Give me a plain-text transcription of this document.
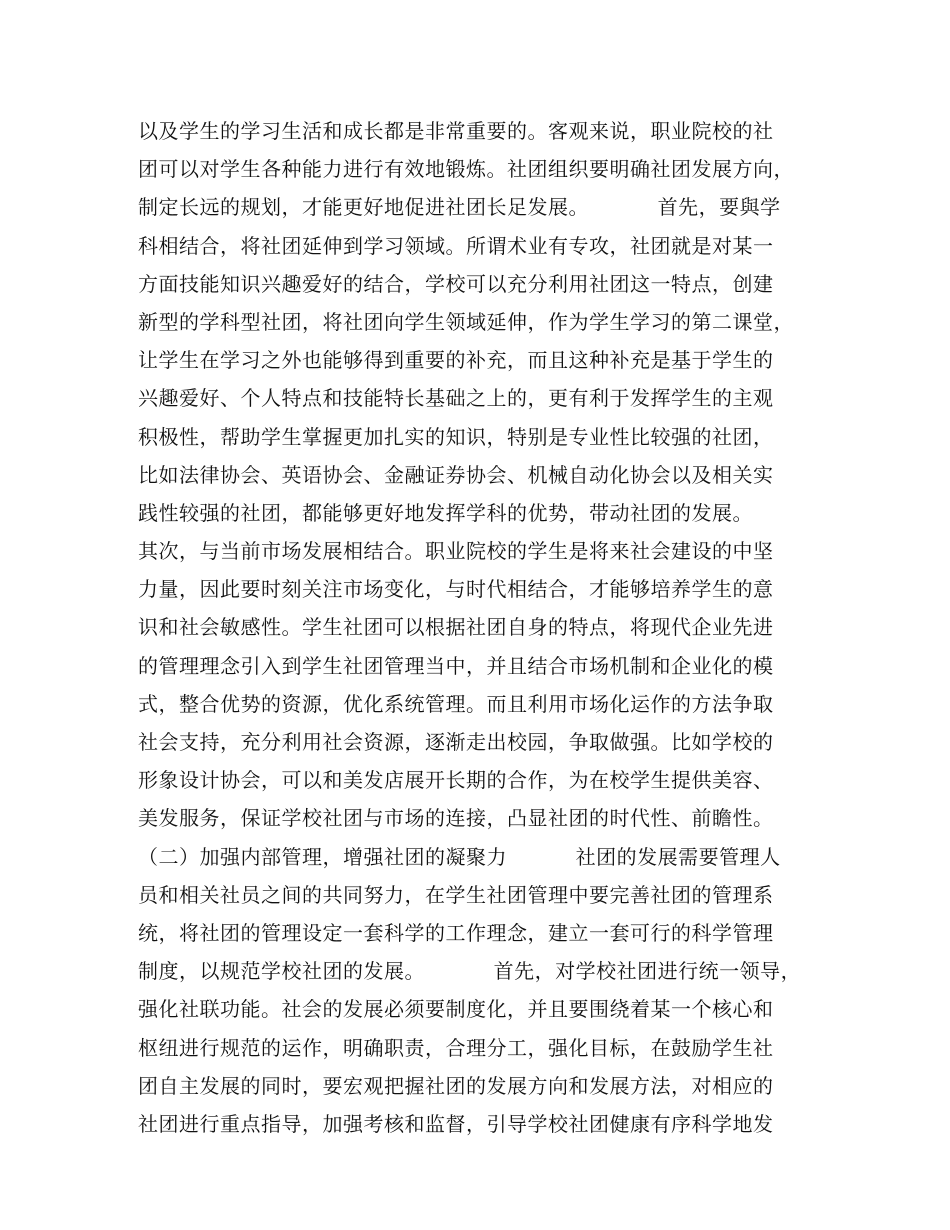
以及学生的学习生活和成长都是非常重要的。客观来说，职业院校的社
团可以对学生各种能力进行有效地锻炼。社团组织要明确社团发展方向，
制定长远的规划，才能更好地促进社团长足发展。          首先，要與学
科相结合，将社团延伸到学习领域。所谓术业有专攻，社团就是对某一
方面技能知识兴趣爱好的结合，学校可以充分利用社团这一特点，创建
新型的学科型社团，将社团向学生领域延伸，作为学生学习的第二课堂，
让学生在学习之外也能够得到重要的补充，而且这种补充是基于学生的
兴趣爱好、个人特点和技能特长基础之上的，更有利于发挥学生的主观
积极性，帮助学生掌握更加扎实的知识，特别是专业性比较强的社团，
比如法律协会、英语协会、金融证券协会、机械自动化协会以及相关实
践性较强的社团，都能够更好地发挥学科的优势，带动社团的发展。
其次，与当前市场发展相结合。职业院校的学生是将来社会建设的中坚
力量，因此要时刻关注市场变化，与时代相结合，才能够培养学生的意
识和社会敏感性。学生社团可以根据社团自身的特点，将现代企业先进
的管理理念引入到学生社团管理当中，并且结合市场机制和企业化的模
式，整合优势的资源，优化系统管理。而且利用市场化运作的方法争取
社会支持，充分利用社会资源，逐渐走出校园，争取做强。比如学校的
形象设计协会，可以和美发店展开长期的合作，为在校学生提供美容、
美发服务，保证学校社团与市场的连接，凸显社团的时代性、前瞻性。
（二）加强内部管理，增强社团的凝聚力          社团的发展需要管理人
员和相关社员之间的共同努力，在学生社团管理中要完善社团的管理系
统，将社团的管理设定一套科学的工作理念，建立一套可行的科学管理
制度，以规范学校社团的发展。          首先，对学校社团进行统一领导，
强化社联功能。社会的发展必须要制度化，并且要围绕着某一个核心和
枢纽进行规范的运作，明确职责，合理分工，强化目标，在鼓励学生社
团自主发展的同时，要宏观把握社团的发展方向和发展方法，对相应的
社团进行重点指导，加强考核和监督，引导学校社团健康有序科学地发
